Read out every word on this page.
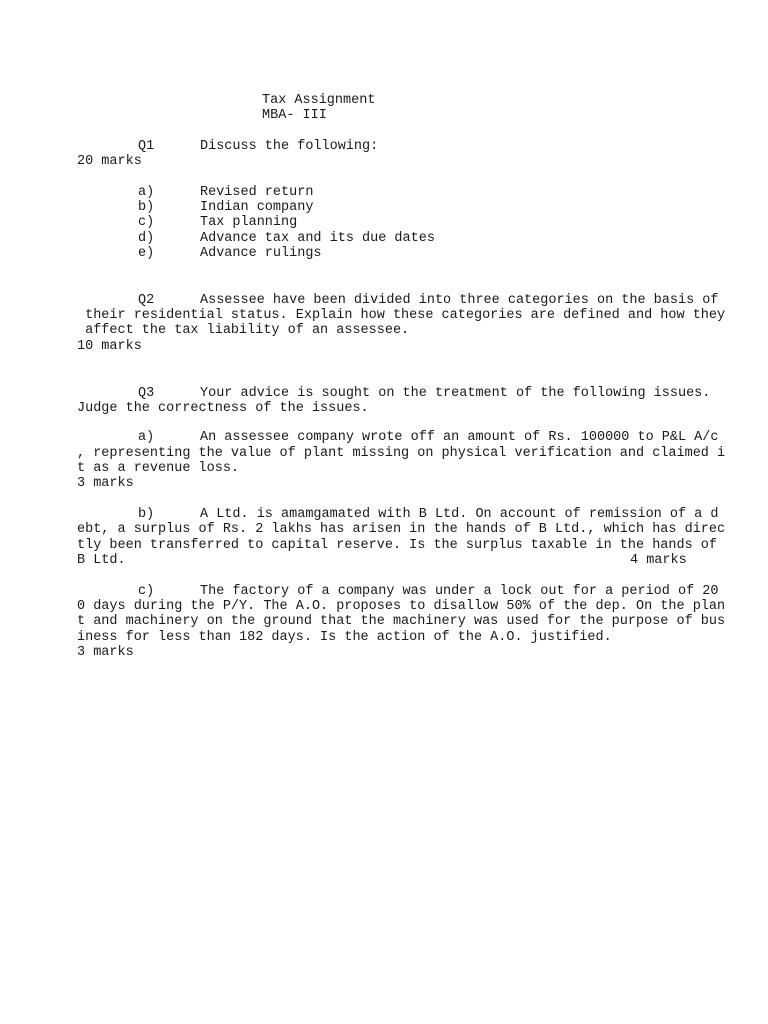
Tax Assignment
MBA- III
Q1	Discuss the following:
20 marks
a)	Revised return
b)	Indian company
c)	Tax planning
d)	Advance tax and its due dates
e)	Advance rulings
Q2	Assessee have been divided into three categories on the basis of
their residential status. Explain how these categories are defined and how they
affect the tax liability of an assessee.
10 marks
Q3	Your advice is sought on the treatment of the following issues.
Judge the correctness of the issues.
a)	An assessee company wrote off an amount of Rs. 100000 to P&L A/c
, representing the value of plant missing on physical verification and claimed i
t as a revenue loss.
3 marks
b)	A Ltd. is amamgamated with B Ltd. On account of remission of a d
ebt, a surplus of Rs. 2 lakhs has arisen in the hands of B Ltd., which has direc
tly been transferred to capital reserve. Is the surplus taxable in the hands of
B Ltd.	4 marks
c)	The factory of a company was under a lock out for a period of 20
0 days during the P/Y. The A.O. proposes to disallow 50% of the dep. On the plan
t and machinery on the ground that the machinery was used for the purpose of bus
iness for less than 182 days. Is the action of the A.O. justified.
3 marks
